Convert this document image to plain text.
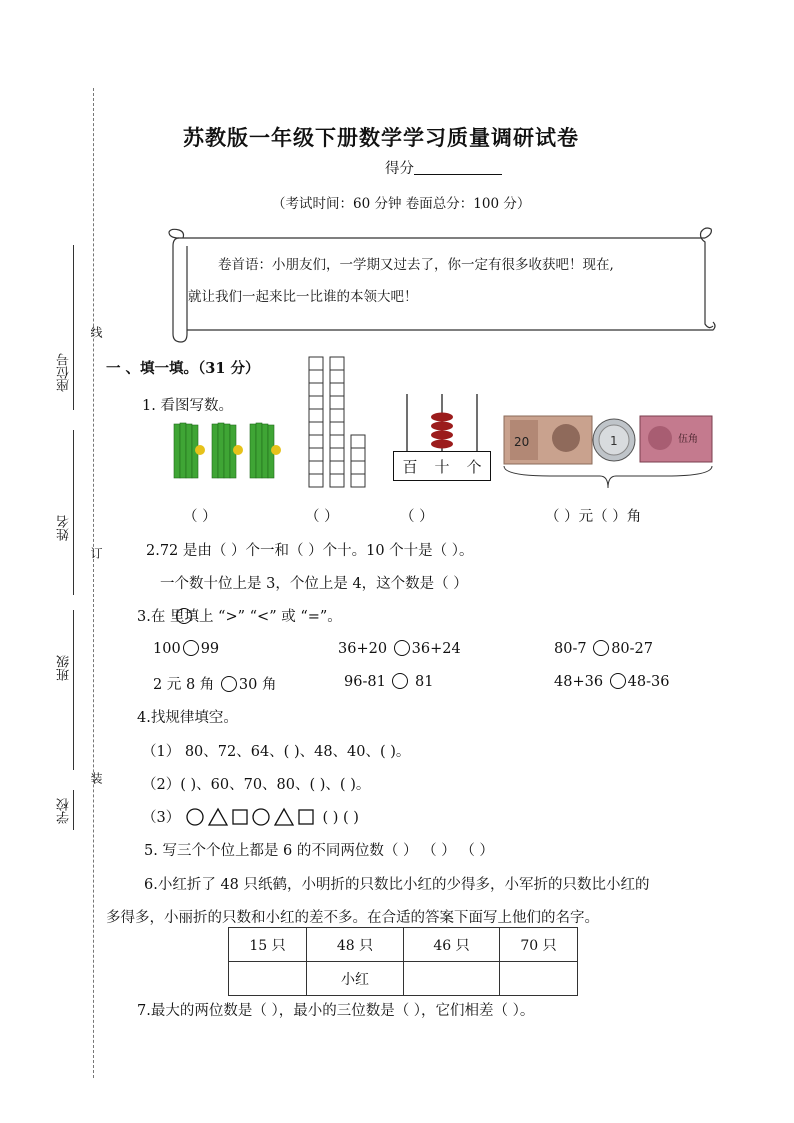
座位号
姓名
班级
学校
线
订
装
苏教版一年级下册数学学习质量调研试卷
得分
（考试时间：60 分钟 卷面总分：100 分）
卷首语：小朋友们，一学期又过去了，你一定有很多收获吧！现在,
就让我们一起来比一比谁的本领大吧！
一 、填一填。（31 分）
1. 看图写数。
百 十 个
20	1	伍角
（ ）	（ ）	（ ）	（ ）元（ ）角
2.72 是由（ ）个一和（ ）个十。10 个十是（ ）。
一个数十位上是 3，个位上是 4，这个数是（ ）
3.在 里填上 “>” “<” 或 “=”。
100 99	36+20 36+24	80-7 80-27
2 元 8 角 30 角	96-81  81	48+36 48-36
4.找规律填空。
（1） 80、72、64、( )、48、40、( )。
（2）( )、60、70、80、( )、( )。
（3）	( ) ( )
5. 写三个个位上都是 6 的不同两位数（ ） （ ） （ ）
6.小红折了 48 只纸鹤，小明折的只数比小红的少得多，小军折的只数比小红的
多得多，小丽折的只数和小红的差不多。在合适的答案下面写上他们的名字。
15 只	48 只	46 只	70 只
	小红		
7.最大的两位数是（ ），最小的三位数是（ ），它们相差（ ）。
